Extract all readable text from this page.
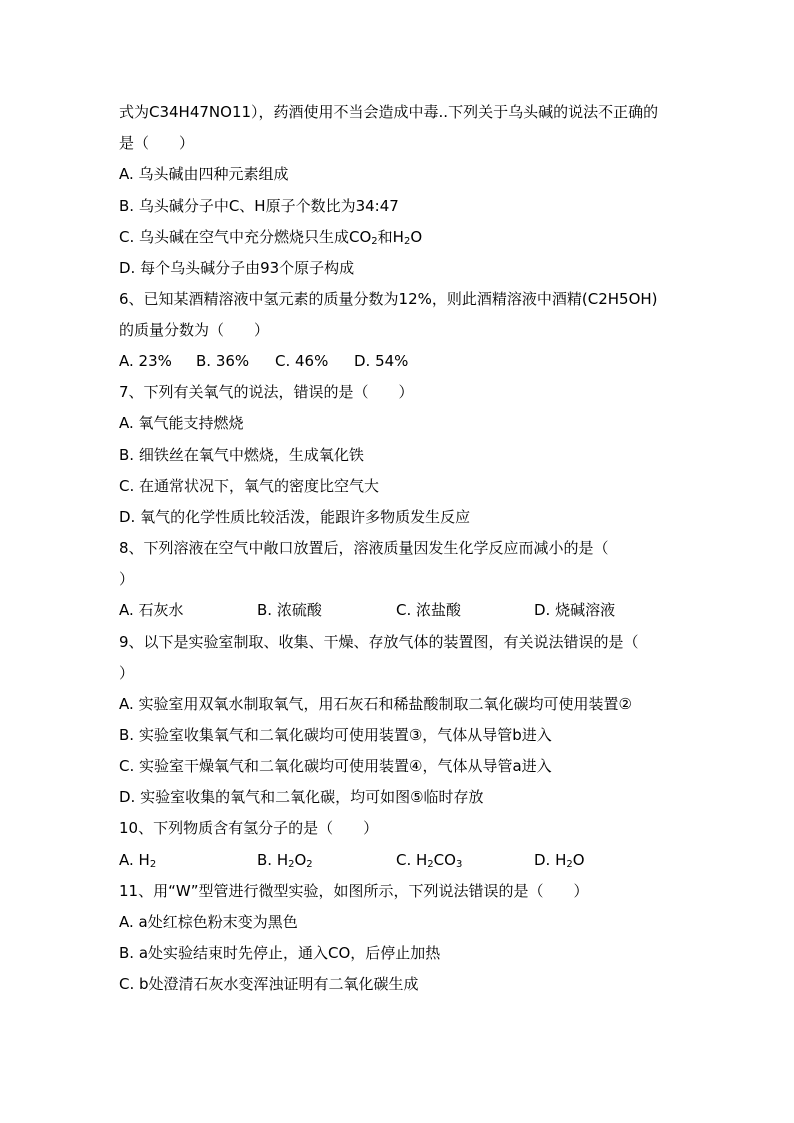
式为C34H47NO11），药酒使用不当会造成中毒..下列关于乌头碱的说法不正确的
是（　　）
A. 乌头碱由四种元素组成
B. 乌头碱分子中C、H原子个数比为34:47
C. 乌头碱在空气中充分燃烧只生成$CO_2$和$H_2O$
D. 每个乌头碱分子由93个原子构成
6、已知某酒精溶液中氢元素的质量分数为12%，则此酒精溶液中酒精(C2H5OH)
的质量分数为（　　）
A. 23% B. 36% C. 46% D. 54%
7、下列有关氧气的说法，错误的是（　　）
A. 氧气能支持燃烧
B. 细铁丝在氧气中燃烧，生成氧化铁
C. 在通常状况下，氧气的密度比空气大
D. 氧气的化学性质比较活泼，能跟许多物质发生反应
8、下列溶液在空气中敞口放置后，溶液质量因发生化学反应而减小的是（
）
A. 石灰水	B. 浓硫酸	C. 浓盐酸	D. 烧碱溶液
9、以下是实验室制取、收集、干燥、存放气体的装置图，有关说法错误的是（
）
A. 实验室用双氧水制取氧气，用石灰石和稀盐酸制取二氧化碳均可使用装置②
B. 实验室收集氧气和二氧化碳均可使用装置③，气体从导管b进入
C. 实验室干燥氧气和二氧化碳均可使用装置④，气体从导管a进入
D. 实验室收集的氧气和二氧化碳，均可如图⑤临时存放
10、下列物质含有氢分子的是（　　）
A. $H_2$	B. $H_2O_2$	C. $H_2CO_3$	D. $H_2O$
11、用“W”型管进行微型实验，如图所示，下列说法错误的是（　　）
A. a处红棕色粉末变为黑色
B. a处实验结束时先停止，通入CO，后停止加热
C. b处澄清石灰水变浑浊证明有二氧化碳生成
